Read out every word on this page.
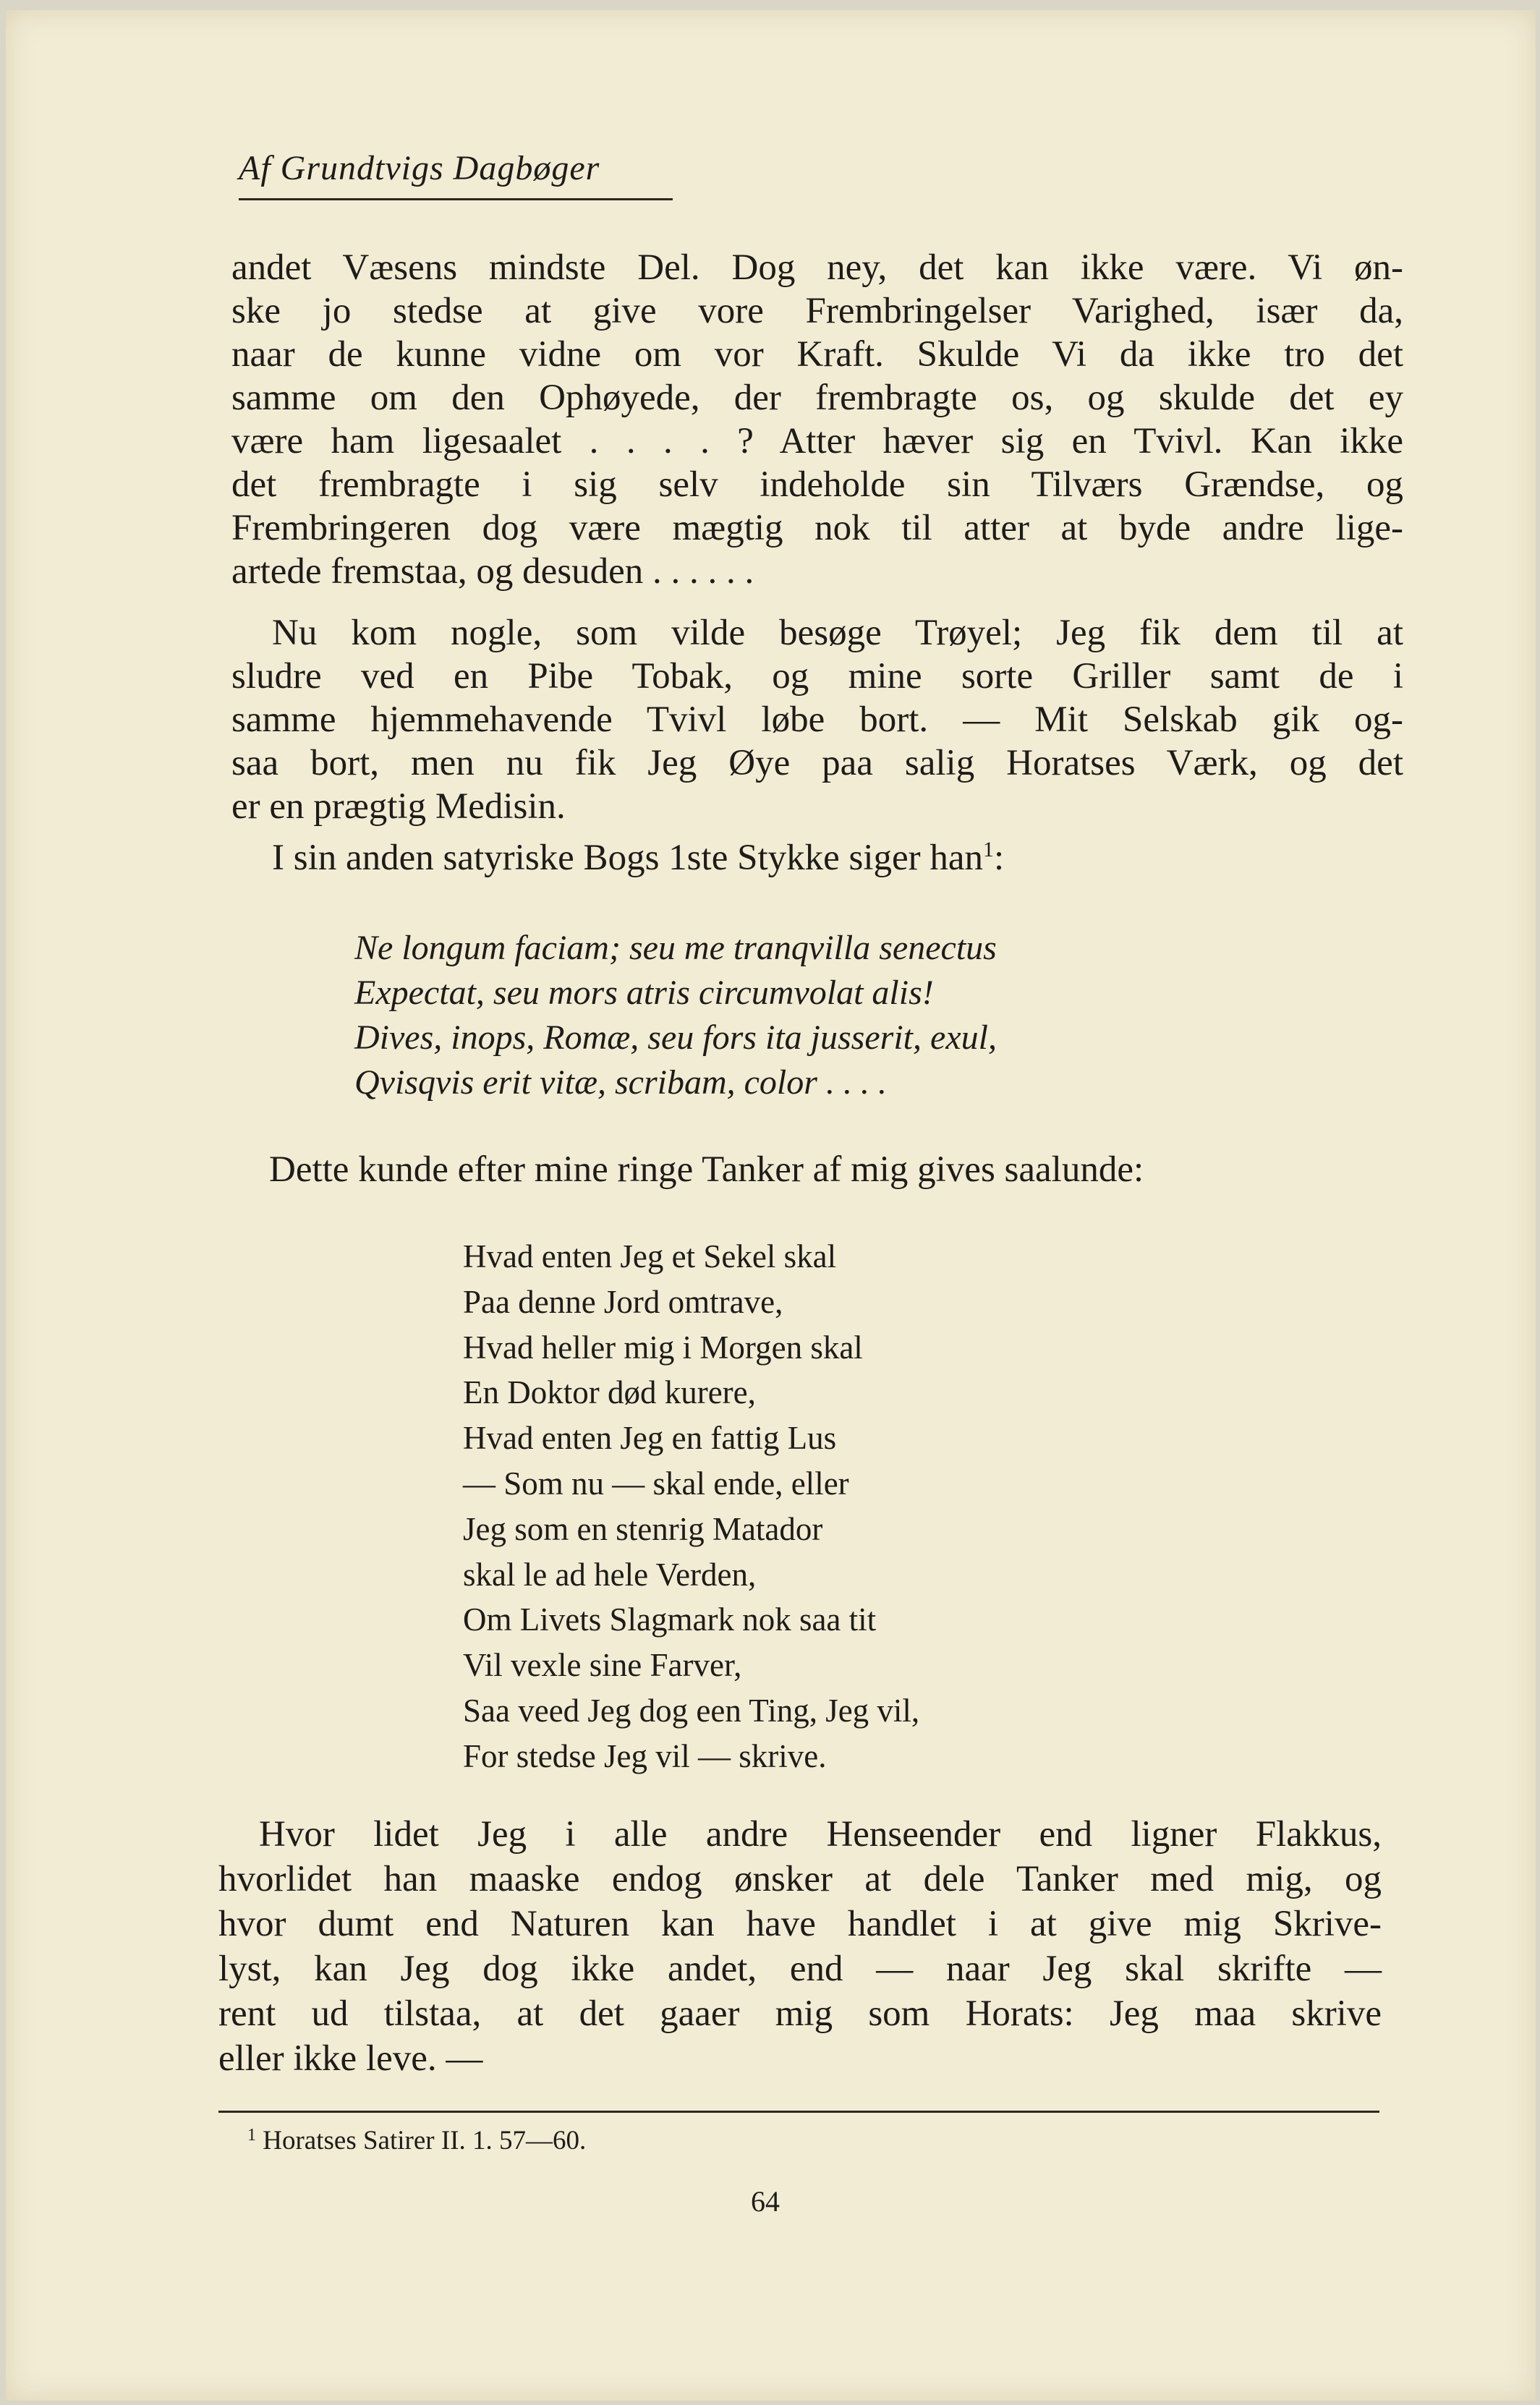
Af Grundtvigs Dagbøger
andet Væsens mindste Del. Dog ney, det kan ikke være. Vi øn-
ske jo stedse at give vore Frembringelser Varighed, især da,
naar de kunne vidne om vor Kraft. Skulde Vi da ikke tro det
samme om den Ophøyede, der frembragte os, og skulde det ey
være ham ligesaalet . . . . ? Atter hæver sig en Tvivl. Kan ikke
det frembragte i sig selv indeholde sin Tilværs Grændse, og
Frembringeren dog være mægtig nok til atter at byde andre lige-
artede fremstaa, og desuden . . . . . .
Nu kom nogle, som vilde besøge Trøyel; Jeg fik dem til at
sludre ved en Pibe Tobak, og mine sorte Griller samt de i
samme hjemmehavende Tvivl løbe bort. — Mit Selskab gik og-
saa bort, men nu fik Jeg Øye paa salig Horatses Værk, og det
er en prægtig Medisin.
I sin anden satyriske Bogs 1ste Stykke siger han$^1$:
Ne longum faciam; seu me tranqvilla senectus
Expectat, seu mors atris circumvolat alis!
Dives, inops, Romæ, seu fors ita jusserit, exul,
Qvisqvis erit vitæ, scribam, color . . . .
Dette kunde efter mine ringe Tanker af mig gives saalunde:
Hvad enten Jeg et Sekel skal
Paa denne Jord omtrave,
Hvad heller mig i Morgen skal
En Doktor død kurere,
Hvad enten Jeg en fattig Lus
— Som nu — skal ende, eller
Jeg som en stenrig Matador
skal le ad hele Verden,
Om Livets Slagmark nok saa tit
Vil vexle sine Farver,
Saa veed Jeg dog een Ting, Jeg vil,
For stedse Jeg vil — skrive.
Hvor lidet Jeg i alle andre Henseender end ligner Flakkus,
hvorlidet han maaske endog ønsker at dele Tanker med mig, og
hvor dumt end Naturen kan have handlet i at give mig Skrive-
lyst, kan Jeg dog ikke andet, end — naar Jeg skal skrifte —
rent ud tilstaa, at det gaaer mig som Horats: Jeg maa skrive
eller ikke leve. —
$^1$ Horatses Satirer II. 1. 57—60.
64
